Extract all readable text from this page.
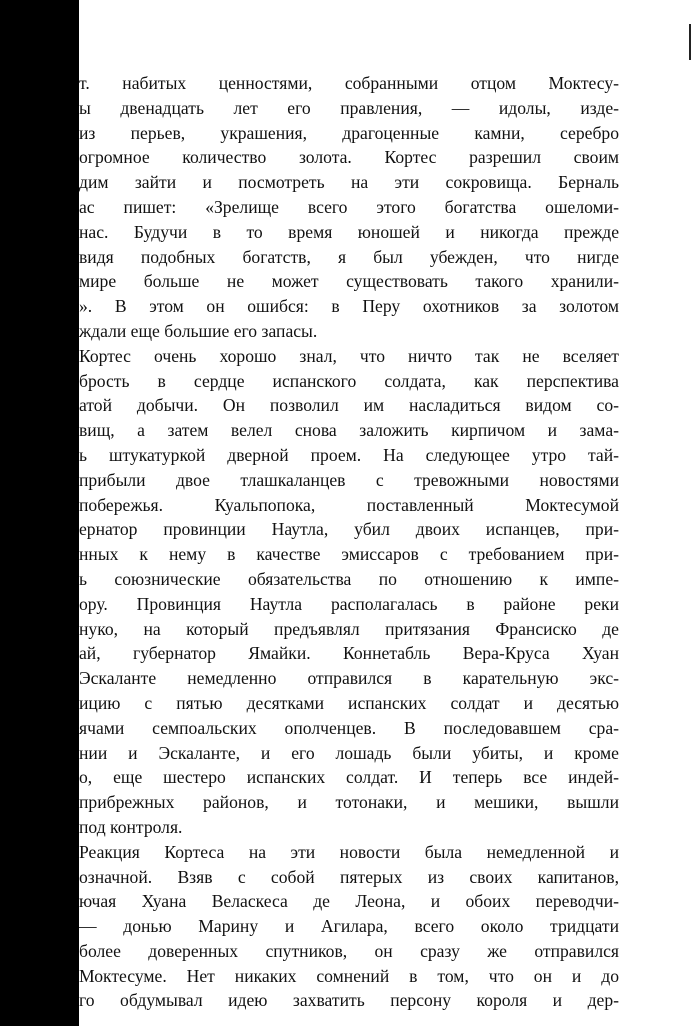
т. набитых ценностями, собранными отцом Моктесу-
ы двенадцать лет его правления, — идолы, изде-
из перьев, украшения, драгоценные камни, серебро
огромное количество золота. Кортес разрешил своим
дим зайти и посмотреть на эти сокровища. Берналь
ас пишет: «Зрелище всего этого богатства ошеломи-
нас. Будучи в то время юношей и никогда прежде
видя подобных богатств, я был убежден, что нигде
мире больше не может существовать такого хранили-
». В этом он ошибся: в Перу охотников за золотом
ждали еще большие его запасы.
Кортес очень хорошо знал, что ничто так не вселяет
брость в сердце испанского солдата, как перспектива
атой добычи. Он позволил им насладиться видом со-
вищ, а затем велел снова заложить кирпичом и зама-
ь штукатуркой дверной проем. На следующее утро тай-
прибыли двое тлашкаланцев с тревожными новостями
побережья. Куальпопока, поставленный Моктесумой
ернатор провинции Наутла, убил двоих испанцев, при-
нных к нему в качестве эмиссаров с требованием при-
ь союзнические обязательства по отношению к импе-
ору. Провинция Наутла располагалась в районе реки
нуко, на который предъявлял притязания Франсиско де
ай, губернатор Ямайки. Коннетабль Вера-Круса Хуан
Эскаланте немедленно отправился в карательную экс-
ицию с пятью десятками испанских солдат и десятью
ячами семпоальских ополченцев. В последовавшем сра-
нии и Эскаланте, и его лошадь были убиты, и кроме
о, еще шестеро испанских солдат. И теперь все индей-
прибрежных районов, и тотонаки, и мешики, вышли
под контроля.
Реакция Кортеса на эти новости была немедленной и
означной. Взяв с собой пятерых из своих капитанов,
ючая Хуана Веласкеса де Леона, и обоих переводчи-
— донью Марину и Агилара, всего около тридцати
более доверенных спутников, он сразу же отправился
Моктесуме. Нет никаких сомнений в том, что он и до
го обдумывал идею захватить персону короля и дер-
